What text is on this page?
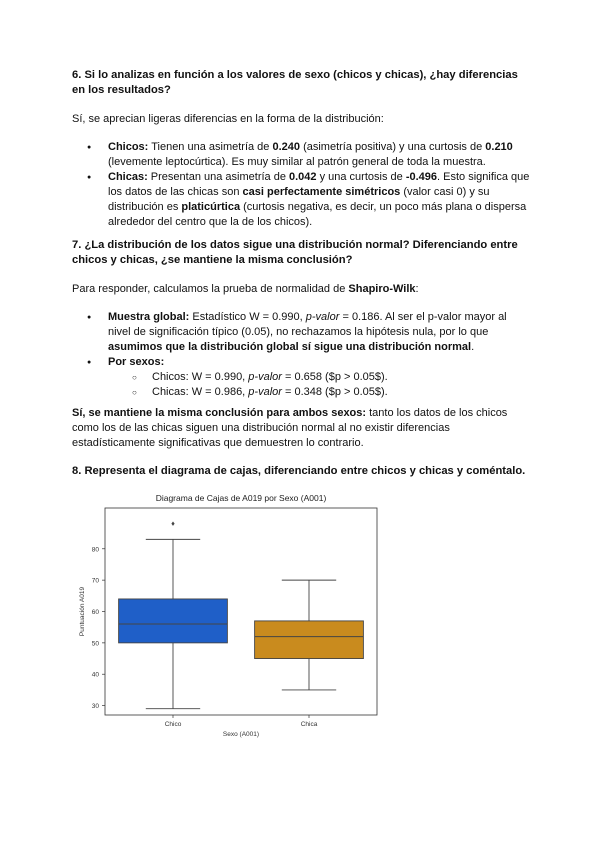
6. Si lo analizas en función a los valores de sexo (chicos y chicas), ¿hay diferencias en los resultados?

Sí, se aprecian ligeras diferencias en la forma de la distribución:

● Chicos: Tienen una asimetría de 0.240 (asimetría positiva) y una curtosis de 0.210 (levemente leptocúrtica). Es muy similar al patrón general de toda la muestra.
● Chicas: Presentan una asimetría de 0.042 y una curtosis de -0.496. Esto significa que los datos de las chicas son casi perfectamente simétricos (valor casi 0) y su distribución es platicúrtica (curtosis negativa, es decir, un poco más plana o dispersa alrededor del centro que la de los chicos).
7. ¿La distribución de los datos sigue una distribución normal? Diferenciando entre chicos y chicas, ¿se mantiene la misma conclusión?

Para responder, calculamos la prueba de normalidad de Shapiro-Wilk:

● Muestra global: Estadístico W = 0.990, p-valor = 0.186. Al ser el p-valor mayor al nivel de significación típico (0.05), no rechazamos la hipótesis nula, por lo que asumimos que la distribución global sí sigue una distribución normal.
● Por sexos:
○ Chicos: W = 0.990, p-valor = 0.658 ($p > 0.05$).
○ Chicas: W = 0.986, p-valor = 0.348 ($p > 0.05$).

Sí, se mantiene la misma conclusión para ambos sexos: tanto los datos de los chicos como los de las chicas siguen una distribución normal al no existir diferencias estadísticamente significativas que demuestren lo contrario.

8. Representa el diagrama de cajas, diferenciando entre chicos y chicas y coméntalo.
Diagrama de Cajas de A019 por Sexo (A001)
30
40
50
60
70
80
Chico	Chica
Sexo (A001)
Puntuación A019
